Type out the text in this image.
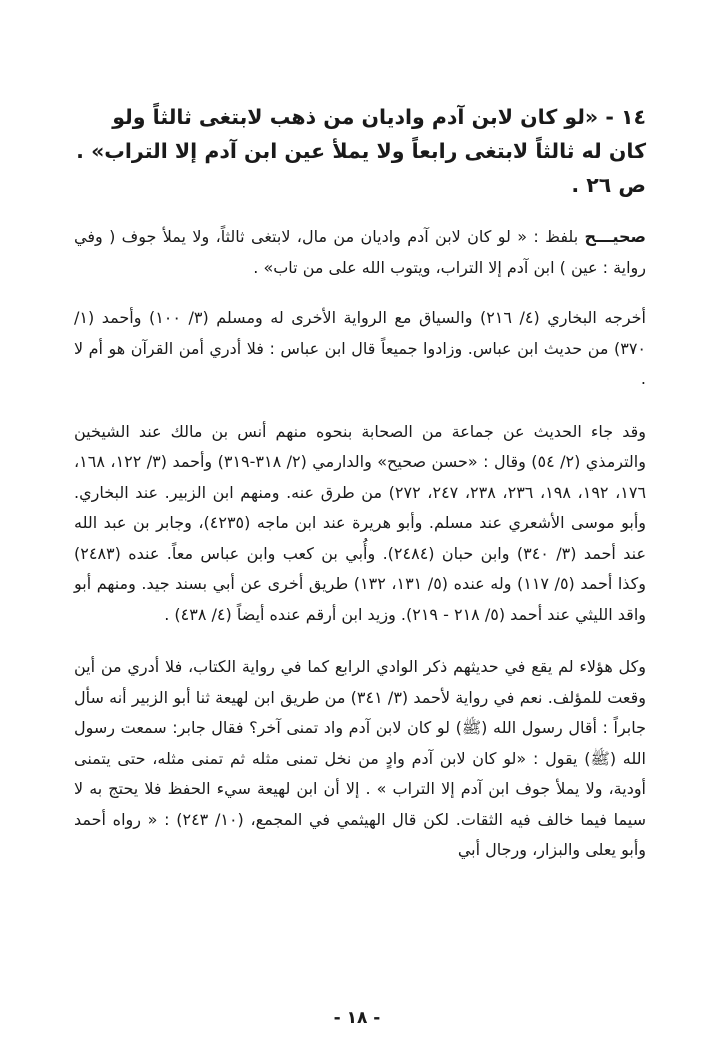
١٤ - «لو كان لابن آدم واديان من ذهب لابتغى ثالثاً ولو كان له ثالثاً لابتغى رابعاً ولا يملأ عين ابن آدم إلا التراب» . ص ٢٦ .

صحيـــح بلفظ : « لو كان لابن آدم واديان من مال، لابتغى ثالثاً، ولا يملأ جوف ( وفي رواية : عين ) ابن آدم إلا التراب، ويتوب الله على من تاب» .

أخرجه البخاري (٤/ ٢١٦) والسياق مع الرواية الأخرى له ومسلم (٣/ ١٠٠) وأحمد (١/ ٣٧٠) من حديث ابن عباس. وزادوا جميعاً قال ابن عباس : فلا أدري أمن القرآن هو أم لا .

وقد جاء الحديث عن جماعة من الصحابة بنحوه منهم أنس بن مالك عند الشيخين والترمذي (٢/ ٥٤) وقال : «حسن صحيح» والدارمي (٢/ ٣١٨-٣١٩) وأحمد (٣/ ١٢٢، ١٦٨، ١٧٦، ١٩٢، ١٩٨، ٢٣٦، ٢٣٨، ٢٤٧، ٢٧٢) من طرق عنه. ومنهم ابن الزبير. عند البخاري. وأبو موسى الأشعري عند مسلم. وأبو هريرة عند ابن ماجه (٤٢٣٥)، وجابر بن عبد الله عند أحمد (٣/ ٣٤٠) وابن حبان (٢٤٨٤). وأُبي بن كعب وابن عباس معاً. عنده (٢٤٨٣) وكذا أحمد (٥/ ١١٧) وله عنده (٥/ ١٣١، ١٣٢) طريق أخرى عن أبي بسند جيد. ومنهم أبو واقد الليثي عند أحمد (٥/ ٢١٨ - ٢١٩). وزيد ابن أرقم عنده أيضاً (٤/ ٤٣٨) .

وكل هؤلاء لم يقع في حديثهم ذكر الوادي الرابع كما في رواية الكتاب، فلا أدري من أين وقعت للمؤلف. نعم في رواية لأحمد (٣/ ٣٤١) من طريق ابن لهيعة ثنا أبو الزبير أنه سأل جابراً : أقال رسول الله (ﷺ) لو كان لابن آدم واد تمنى آخر؟ فقال جابر: سمعت رسول الله (ﷺ) يقول : «لو كان لابن آدم وادٍ من نخل تمنى مثله ثم تمنى مثله، حتى يتمنى أودية، ولا يملأ جوف ابن آدم إلا التراب » . إلا أن ابن لهيعة سيء الحفظ فلا يحتج به لا سيما فيما خالف فيه الثقات. لكن قال الهيثمي في المجمع، (١٠/ ٢٤٣) : « رواه أحمد وأبو يعلى والبزار، ورجال أبي

- ١٨ -
